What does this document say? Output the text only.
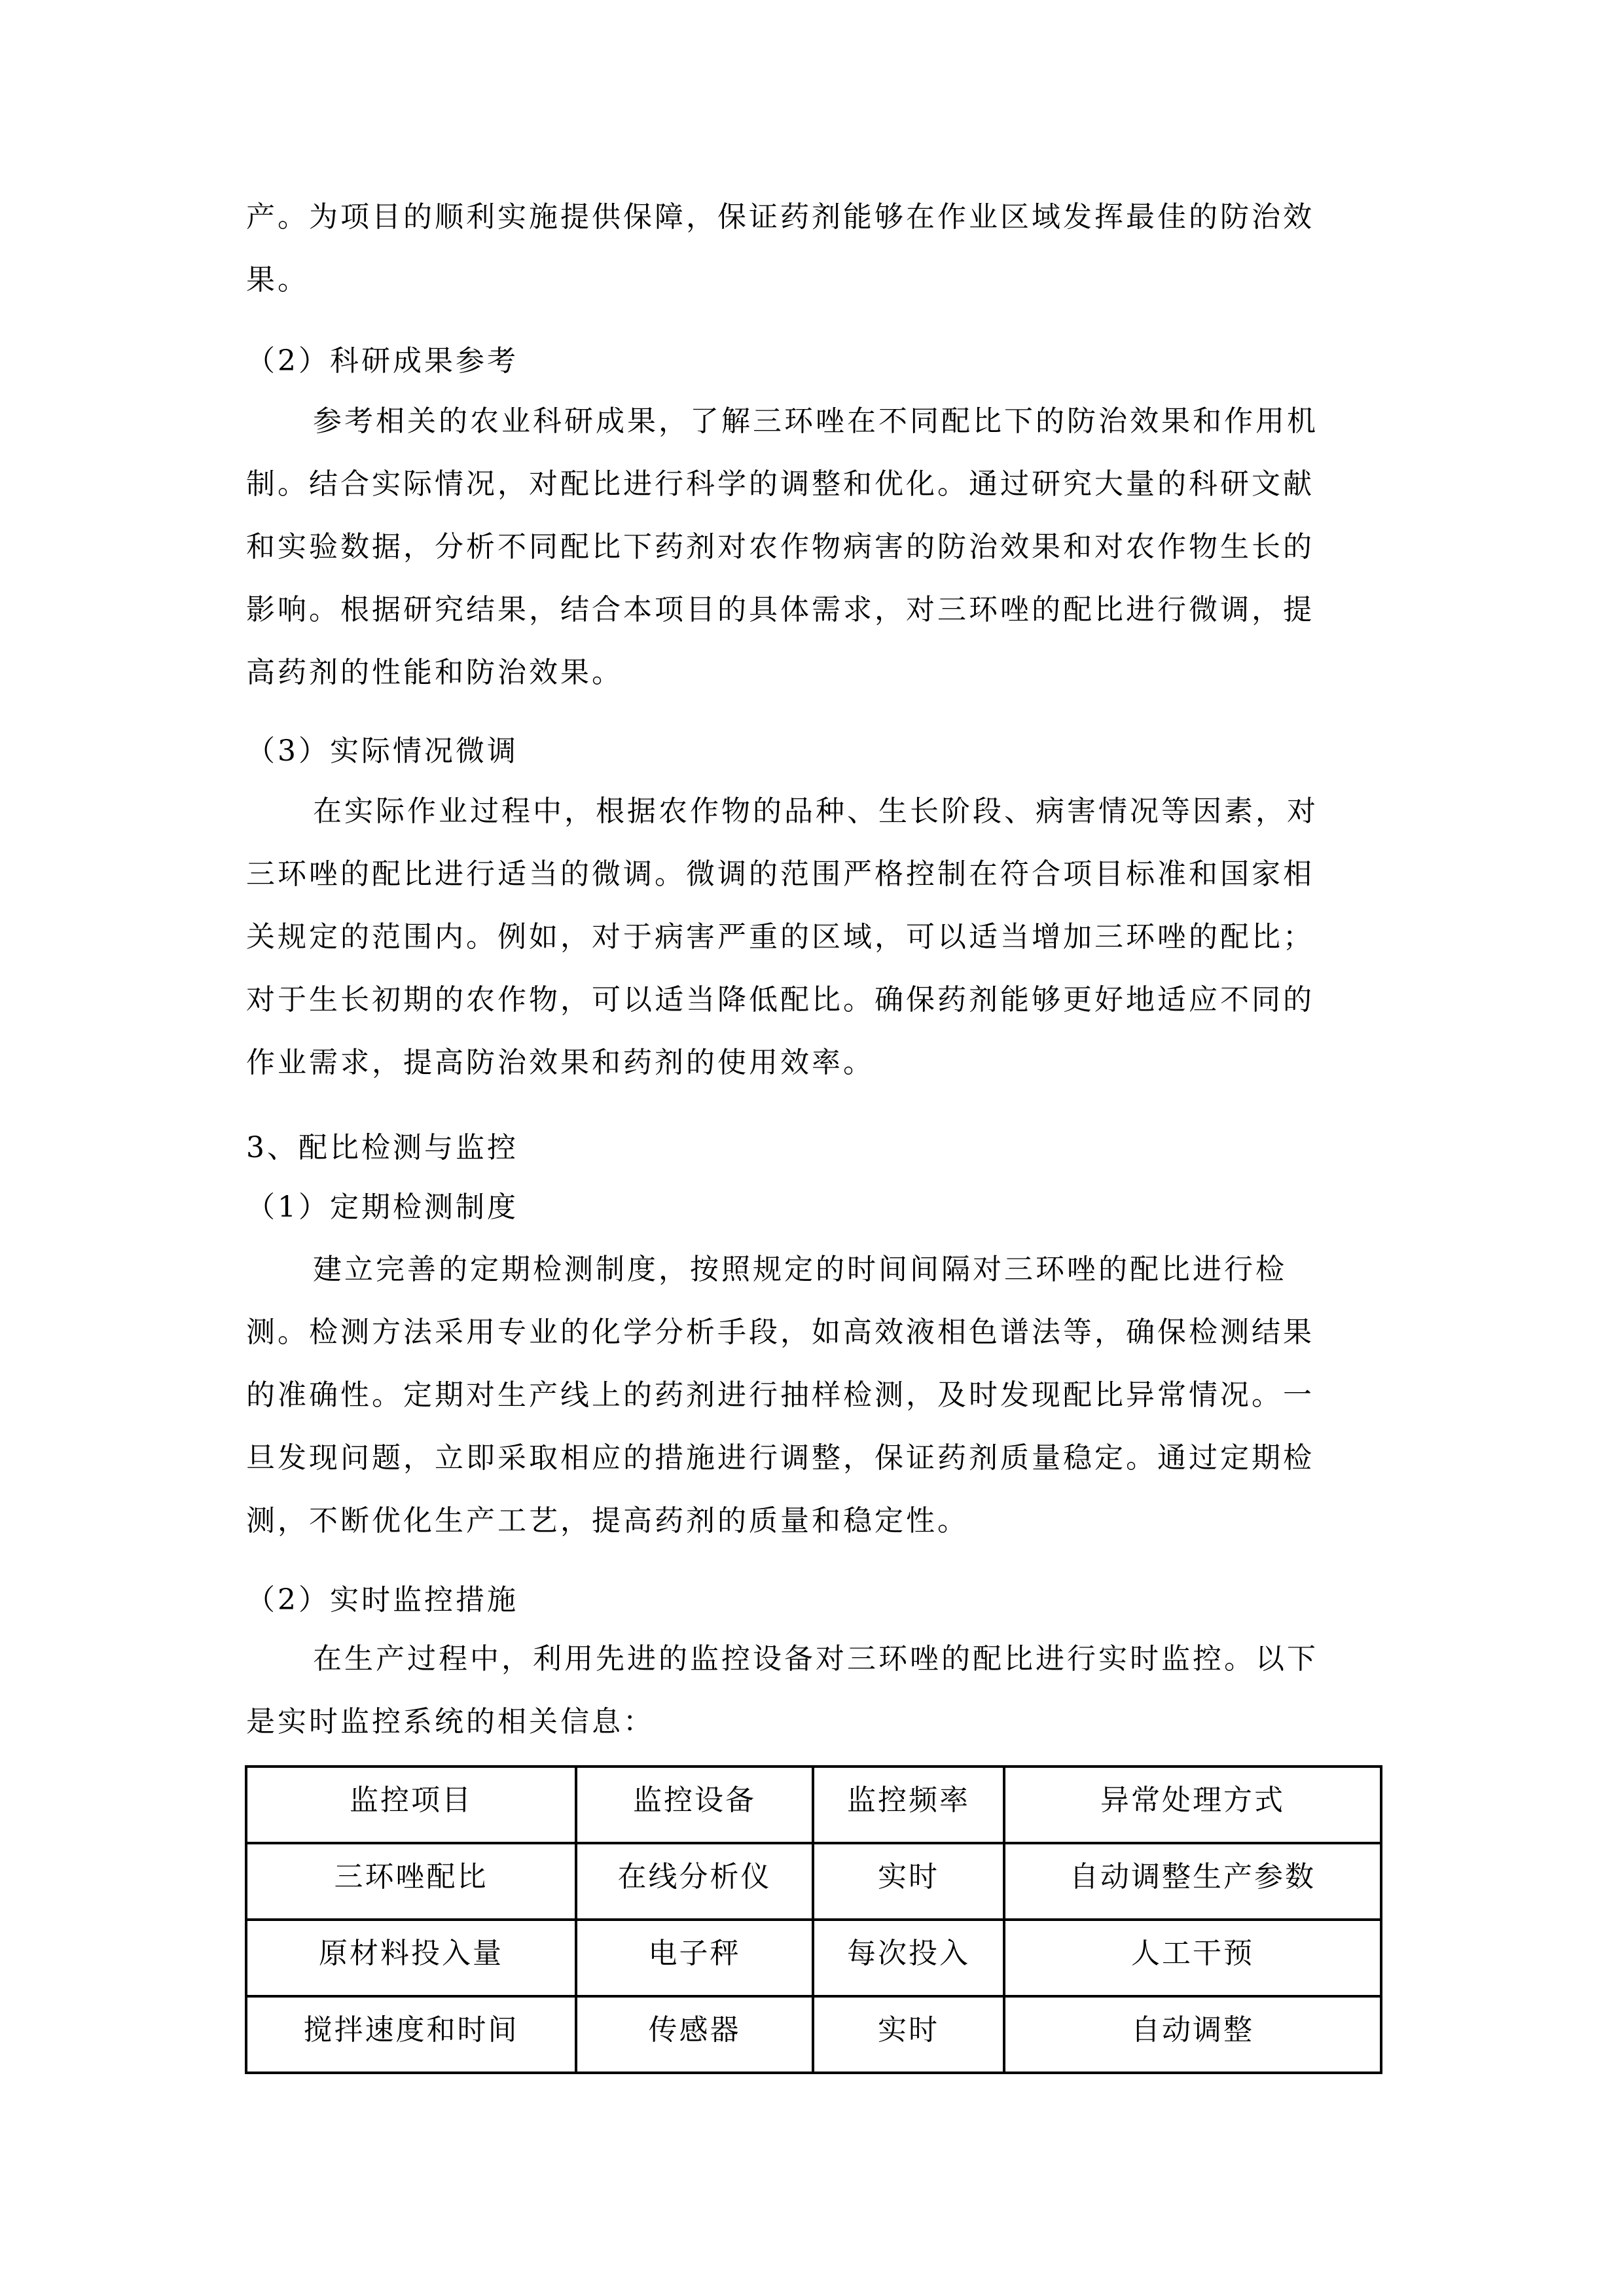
产。为项目的顺利实施提供保障，保证药剂能够在作业区域发挥最佳的防治效
果。
（2）科研成果参考
参考相关的农业科研成果，了解三环唑在不同配比下的防治效果和作用机
制。结合实际情况，对配比进行科学的调整和优化。通过研究大量的科研文献
和实验数据，分析不同配比下药剂对农作物病害的防治效果和对农作物生长的
影响。根据研究结果，结合本项目的具体需求，对三环唑的配比进行微调，提
高药剂的性能和防治效果。
（3）实际情况微调
在实际作业过程中，根据农作物的品种、生长阶段、病害情况等因素，对
三环唑的配比进行适当的微调。微调的范围严格控制在符合项目标准和国家相
关规定的范围内。例如，对于病害严重的区域，可以适当增加三环唑的配比；
对于生长初期的农作物，可以适当降低配比。确保药剂能够更好地适应不同的
作业需求，提高防治效果和药剂的使用效率。
3、配比检测与监控
（1）定期检测制度
建立完善的定期检测制度，按照规定的时间间隔对三环唑的配比进行检
测。检测方法采用专业的化学分析手段，如高效液相色谱法等，确保检测结果
的准确性。定期对生产线上的药剂进行抽样检测，及时发现配比异常情况。一
旦发现问题，立即采取相应的措施进行调整，保证药剂质量稳定。通过定期检
测，不断优化生产工艺，提高药剂的质量和稳定性。
（2）实时监控措施
在生产过程中，利用先进的监控设备对三环唑的配比进行实时监控。以下
是实时监控系统的相关信息：
监控项目	监控设备	监控频率	异常处理方式
三环唑配比	在线分析仪	实时	自动调整生产参数
原材料投入量	电子秤	每次投入	人工干预
搅拌速度和时间	传感器	实时	自动调整
